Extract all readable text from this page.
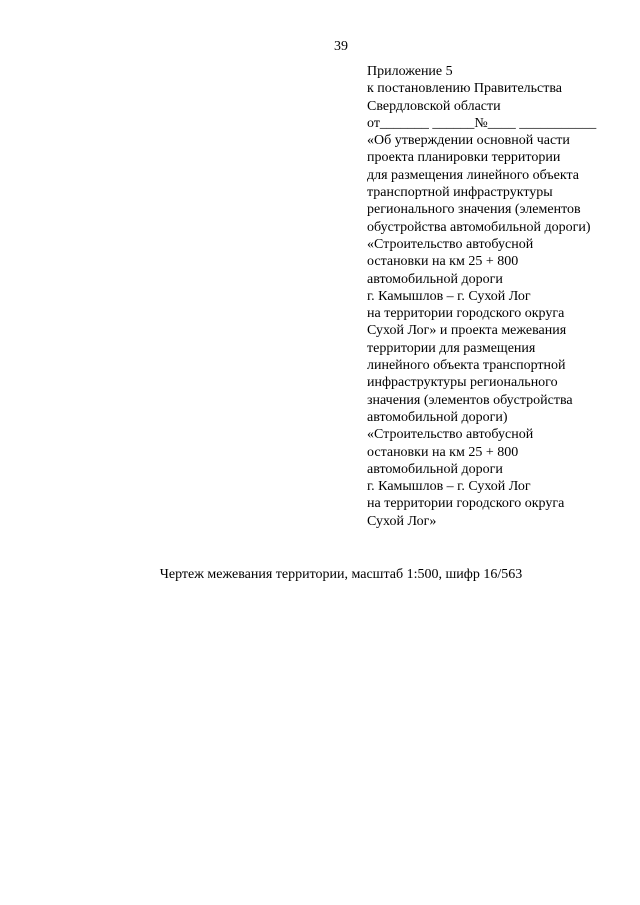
39
Приложение 5
к постановлению Правительства
Свердловской области
от_______ ______№____ ___________
«Об утверждении основной части
проекта планировки территории
для размещения линейного объекта
транспортной инфраструктуры
регионального значения (элементов
обустройства автомобильной дороги)
«Строительство автобусной
остановки на км 25 + 800
автомобильной дороги
г. Камышлов – г. Сухой Лог
на территории городского округа
Сухой Лог» и проекта межевания
территории для размещения
линейного объекта транспортной
инфраструктуры регионального
значения (элементов обустройства
автомобильной дороги)
«Строительство автобусной
остановки на км 25 + 800
автомобильной дороги
г. Камышлов – г. Сухой Лог
на территории городского округа
Сухой Лог»
Чертеж межевания территории, масштаб 1:500, шифр 16/563
